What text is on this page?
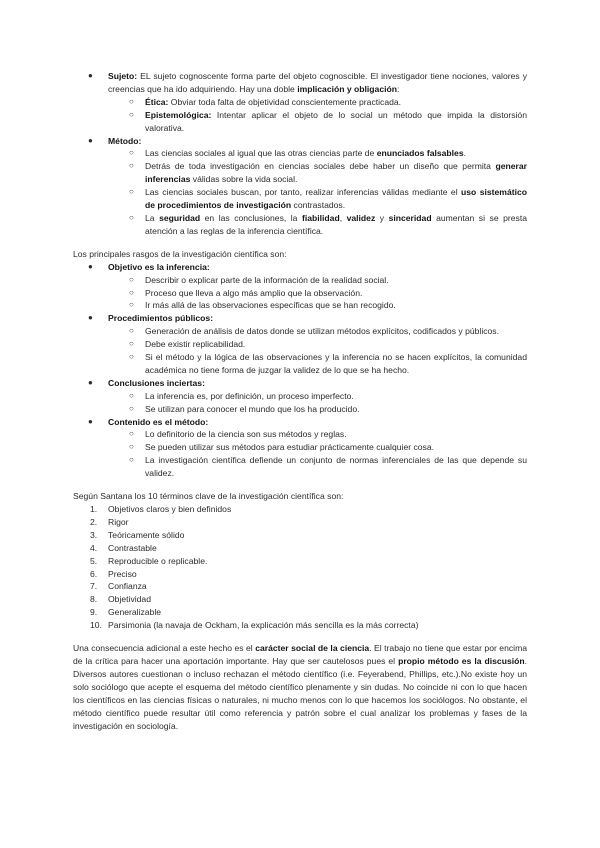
● Sujeto: EL sujeto cognoscente forma parte del objeto cognoscible. El investigador tiene nociones, valores y creencias que ha ido adquiriendo. Hay una doble implicación y obligación:

○ Ética: Obviar toda falta de objetividad conscientemente practicada.

○ Epistemológica: Intentar aplicar el objeto de lo social un método que impida la distorsión valorativa.

● Método:

○ Las ciencias sociales al igual que las otras ciencias parte de enunciados falsables.

○ Detrás de toda investigación en ciencias sociales debe haber un diseño que permita generar inferencias válidas sobre la vida social.

○ Las ciencias sociales buscan, por tanto, realizar inferencias válidas mediante el uso sistemático de procedimientos de investigación contrastados.

○ La seguridad en las conclusiones, la fiabilidad, validez y sinceridad aumentan si se presta atención a las reglas de la inferencia científica.

Los principales rasgos de la investigación científica son:

● Objetivo es la inferencia:

○ Describir o explicar parte de la información de la realidad social.

○ Proceso que lleva a algo más amplio que la observación.

○ Ir más allá de las observaciones específicas que se han recogido.

● Procedimientos públicos:

○ Generación de análisis de datos donde se utilizan métodos explícitos, codificados y públicos.

○ Debe existir replicabilidad.

○ Si el método y la lógica de las observaciones y la inferencia no se hacen explícitos, la comunidad académica no tiene forma de juzgar la validez de lo que se ha hecho.

● Conclusiones inciertas:

○ La inferencia es, por definición, un proceso imperfecto.

○ Se utilizan para conocer el mundo que los ha producido.

● Contenido es el método:

○ Lo definitorio de la ciencia son sus métodos y reglas.

○ Se pueden utilizar sus métodos para estudiar prácticamente cualquier cosa.

○ La investigación científica defiende un conjunto de normas inferenciales de las que depende su validez.

Según Santana los 10 términos clave de la investigación científica son:

1. Objetivos claros y bien definidos
2. Rigor
3. Teóricamente sólido
4. Contrastable
5. Reproducible o replicable.
6. Preciso
7. Confianza
8. Objetividad
9. Generalizable
10. Parsimonia (la navaja de Ockham, la explicación más sencilla es la más correcta)

Una consecuencia adicional a este hecho es el carácter social de la ciencia. El trabajo no tiene que estar por encima de la crítica para hacer una aportación importante. Hay que ser cautelosos pues el propio método es la discusión. Diversos autores cuestionan o incluso rechazan el método científico (i.e. Feyerabend, Phillips, etc.).No existe hoy un solo sociólogo que acepte el esquema del método científico plenamente y sin dudas. No coincide ni con lo que hacen los científicos en las ciencias físicas o naturales, ni mucho menos con lo que hacemos los sociólogos. No obstante, el método científico puede resultar útil como referencia y patrón sobre el cual analizar los problemas y fases de la investigación en sociología.
